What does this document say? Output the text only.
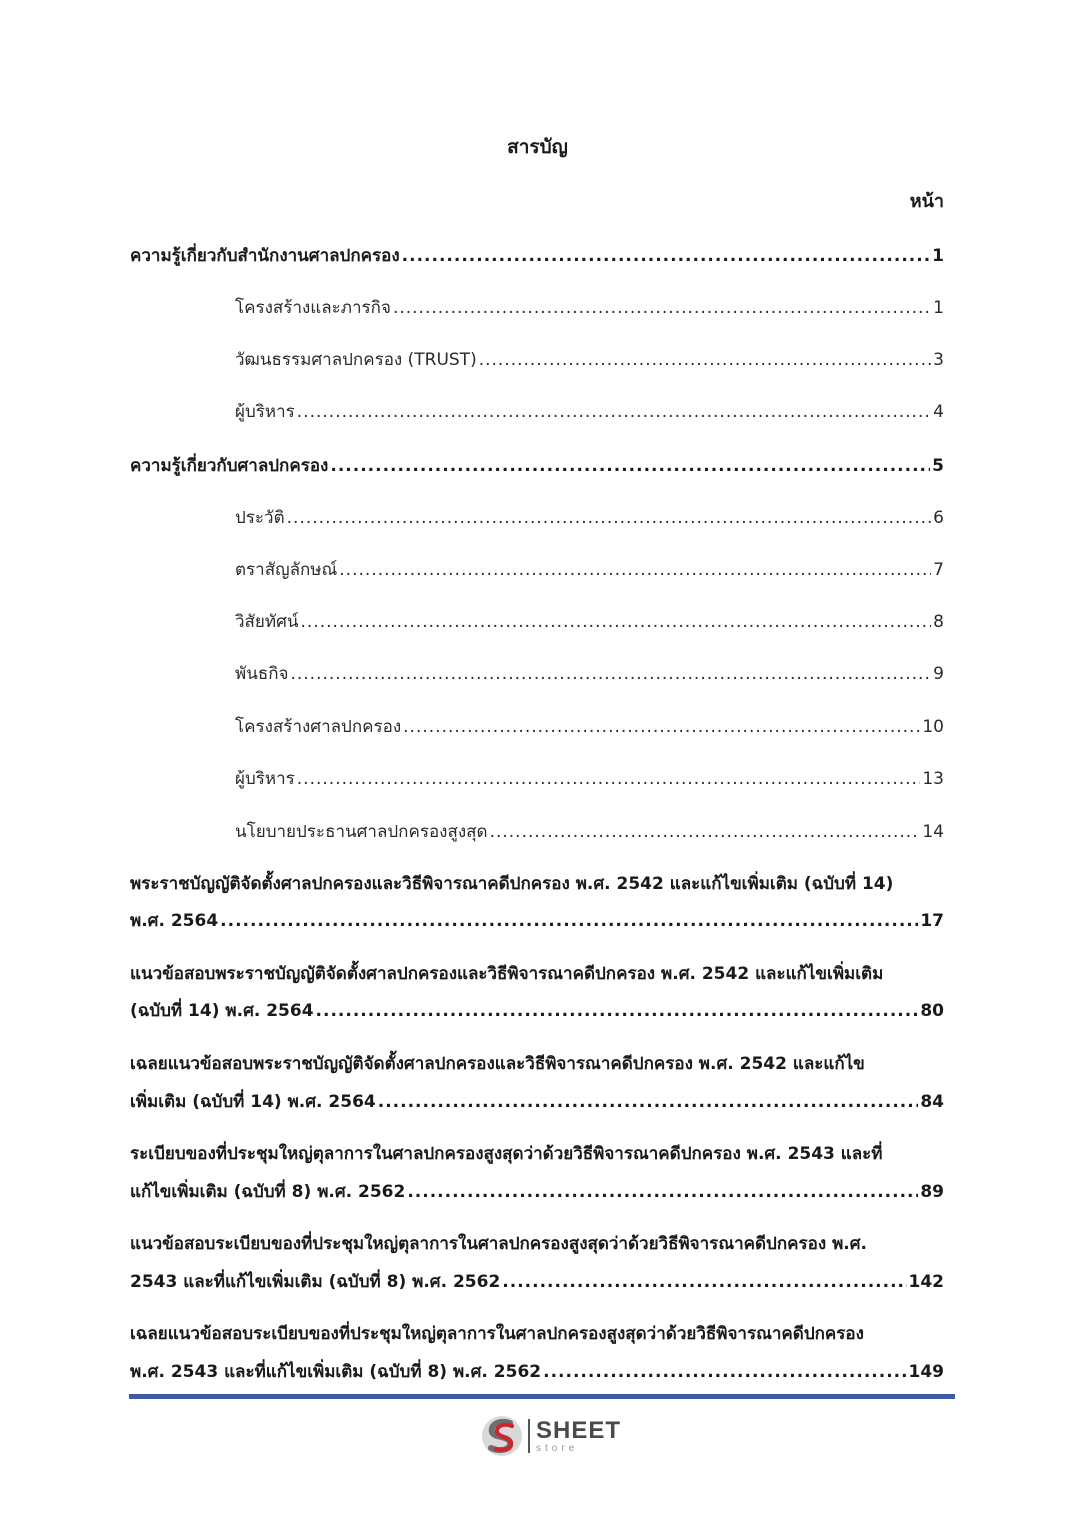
สารบัญ
หน้า
ความรู้เกี่ยวกับสำนักงานศาลปกครอง .....	1
โครงสร้างและภารกิจ .....	1
วัฒนธรรมศาลปกครอง (TRUST) .....	3
ผู้บริหาร .....	4
ความรู้เกี่ยวกับศาลปกครอง .....	5
ประวัติ .....	6
ตราสัญลักษณ์ .....	7
วิสัยทัศน์ .....	8
พันธกิจ .....	9
โครงสร้างศาลปกครอง .....	10
ผู้บริหาร .....	13
นโยบายประธานศาลปกครองสูงสุด .....	14
พระราชบัญญัติจัดตั้งศาลปกครองและวิธีพิจารณาคดีปกครอง พ.ศ. 2542 และแก้ไขเพิ่มเติม (ฉบับที่ 14)
พ.ศ. 2564 .....	17
แนวข้อสอบพระราชบัญญัติจัดตั้งศาลปกครองและวิธีพิจารณาคดีปกครอง พ.ศ. 2542 และแก้ไขเพิ่มเติม
(ฉบับที่ 14) พ.ศ. 2564 .....	80
เฉลยแนวข้อสอบพระราชบัญญัติจัดตั้งศาลปกครองและวิธีพิจารณาคดีปกครอง พ.ศ. 2542 และแก้ไข
เพิ่มเติม (ฉบับที่ 14) พ.ศ. 2564 .....	84
ระเบียบของที่ประชุมใหญ่ตุลาการในศาลปกครองสูงสุดว่าด้วยวิธีพิจารณาคดีปกครอง พ.ศ. 2543 และที่
แก้ไขเพิ่มเติม (ฉบับที่ 8) พ.ศ. 2562 .....	89
แนวข้อสอบระเบียบของที่ประชุมใหญ่ตุลาการในศาลปกครองสูงสุดว่าด้วยวิธีพิจารณาคดีปกครอง พ.ศ.
2543 และที่แก้ไขเพิ่มเติม (ฉบับที่ 8) พ.ศ. 2562 .....	142
เฉลยแนวข้อสอบระเบียบของที่ประชุมใหญ่ตุลาการในศาลปกครองสูงสุดว่าด้วยวิธีพิจารณาคดีปกครอง
พ.ศ. 2543 และที่แก้ไขเพิ่มเติม (ฉบับที่ 8) พ.ศ. 2562 .....	149
SHEET
store
